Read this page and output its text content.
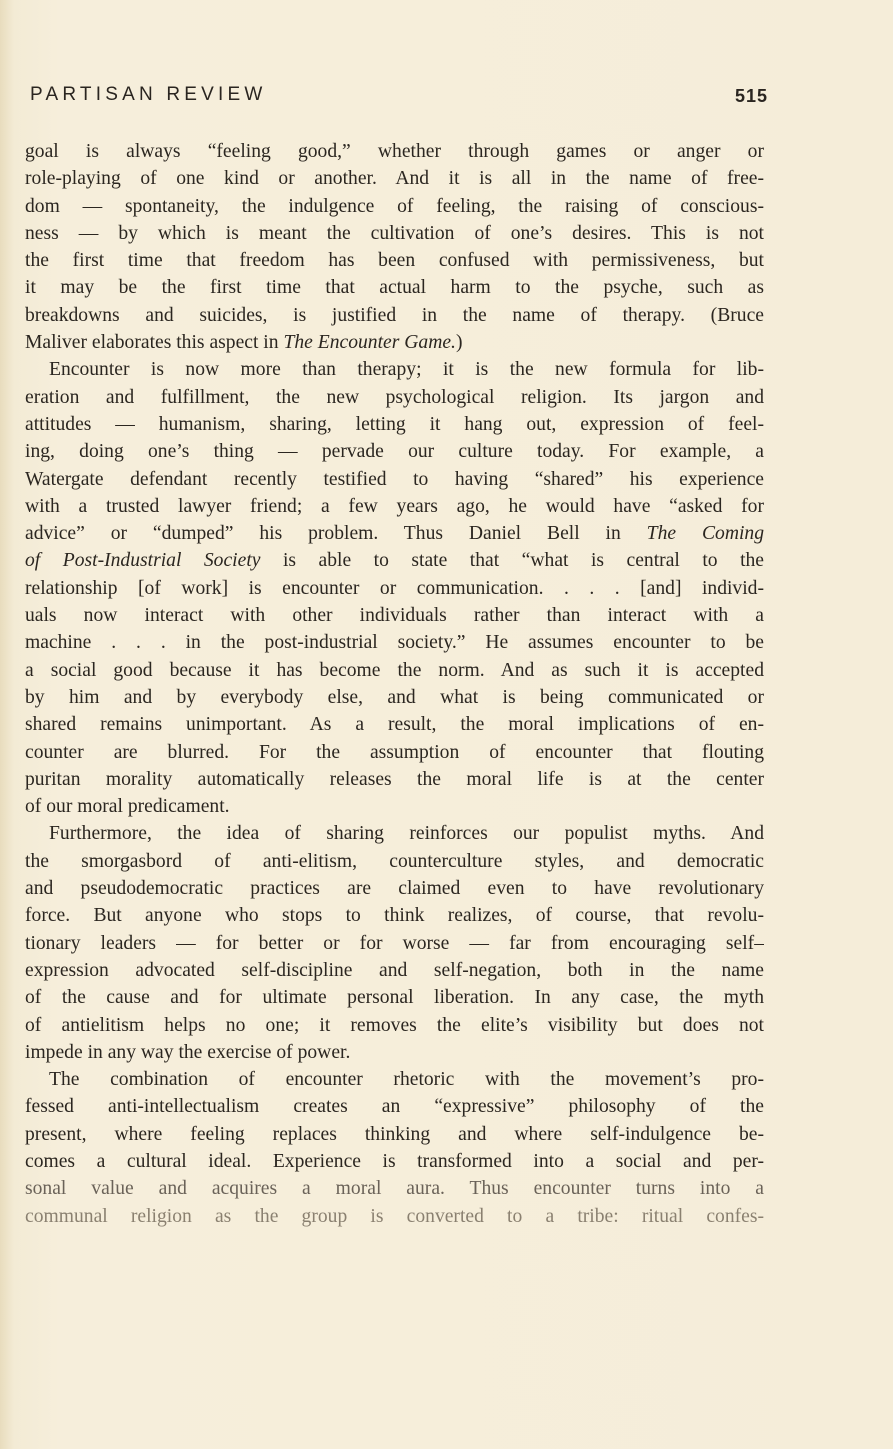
PARTISAN REVIEW	515
goal is always “feeling good,” whether through games or anger or
role-playing of one kind or another. And it is all in the name of free-
dom — spontaneity, the indulgence of feeling, the raising of conscious-
ness — by which is meant the cultivation of one’s desires. This is not
the first time that freedom has been confused with permissiveness, but
it may be the first time that actual harm to the psyche, such as
breakdowns and suicides, is justified in the name of therapy. (Bruce
Maliver elaborates this aspect in The Encounter Game.)
Encounter is now more than therapy; it is the new formula for lib-
eration and fulfillment, the new psychological religion. Its jargon and
attitudes — humanism, sharing, letting it hang out, expression of feel-
ing, doing one’s thing — pervade our culture today. For example, a
Watergate defendant recently testified to having “shared” his experience
with a trusted lawyer friend; a few years ago, he would have “asked for
advice” or “dumped” his problem. Thus Daniel Bell in The Coming
of Post-Industrial Society is able to state that “what is central to the
relationship [of work] is encounter or communication. . . . [and] individ-
uals now interact with other individuals rather than interact with a
machine . . . in the post-industrial society.” He assumes encounter to be
a social good because it has become the norm. And as such it is accepted
by him and by everybody else, and what is being communicated or
shared remains unimportant. As a result, the moral implications of en-
counter are blurred. For the assumption of encounter that flouting
puritan morality automatically releases the moral life is at the center
of our moral predicament.
Furthermore, the idea of sharing reinforces our populist myths. And
the smorgasbord of anti-elitism, counterculture styles, and democratic
and pseudodemocratic practices are claimed even to have revolutionary
force. But anyone who stops to think realizes, of course, that revolu-
tionary leaders — for better or for worse — far from encouraging self–
expression advocated self-discipline and self-negation, both in the name
of the cause and for ultimate personal liberation. In any case, the myth
of antielitism helps no one; it removes the elite’s visibility but does not
impede in any way the exercise of power.
The combination of encounter rhetoric with the movement’s pro-
fessed anti-intellectualism creates an “expressive” philosophy of the
present, where feeling replaces thinking and where self-indulgence be-
comes a cultural ideal. Experience is transformed into a social and per-
sonal value and acquires a moral aura. Thus encounter turns into a
communal religion as the group is converted to a tribe: ritual confes-
